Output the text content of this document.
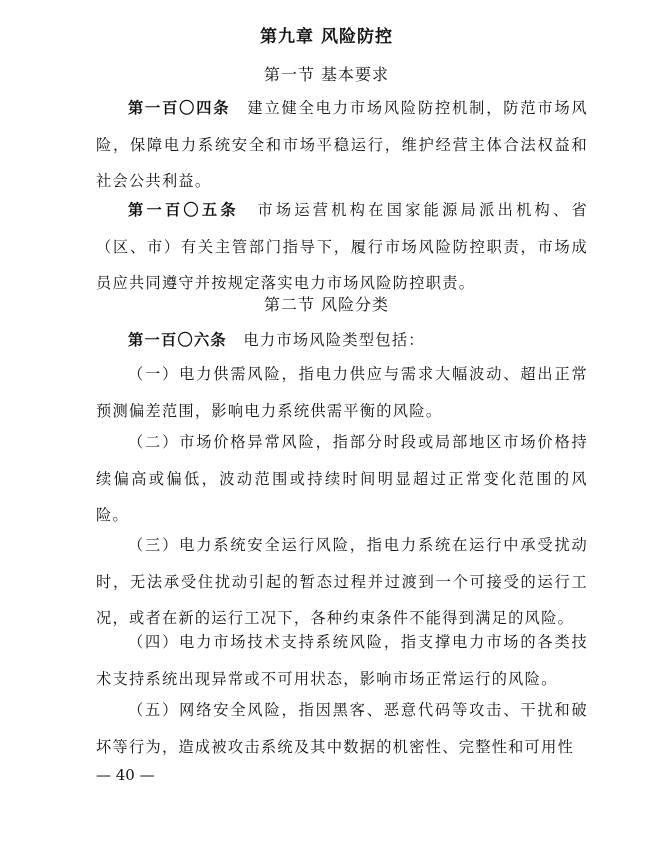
第九章 风险防控
第一节 基本要求

第一百〇四条  建立健全电力市场风险防控机制，防范市场风险，保障电力系统安全和市场平稳运行，维护经营主体合法权益和社会公共利益。

第一百〇五条  市场运营机构在国家能源局派出机构、省（区、市）有关主管部门指导下，履行市场风险防控职责，市场成员应共同遵守并按规定落实电力市场风险防控职责。

第二节 风险分类

第一百〇六条  电力市场风险类型包括：

（一）电力供需风险，指电力供应与需求大幅波动、超出正常预测偏差范围，影响电力系统供需平衡的风险。

（二）市场价格异常风险，指部分时段或局部地区市场价格持续偏高或偏低，波动范围或持续时间明显超过正常变化范围的风险。

（三）电力系统安全运行风险，指电力系统在运行中承受扰动时，无法承受住扰动引起的暂态过程并过渡到一个可接受的运行工况，或者在新的运行工况下，各种约束条件不能得到满足的风险。

（四）电力市场技术支持系统风险，指支撑电力市场的各类技术支持系统出现异常或不可用状态，影响市场正常运行的风险。

（五）网络安全风险，指因黑客、恶意代码等攻击、干扰和破坏等行为，造成被攻击系统及其中数据的机密性、完整性和可用性

— 40 —
